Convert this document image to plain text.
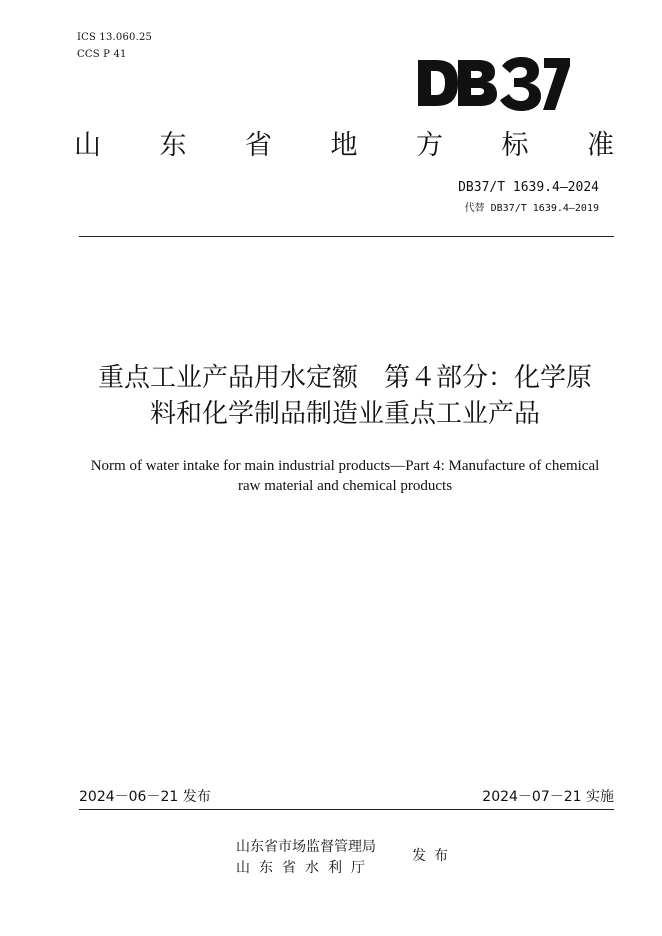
ICS 13.060.25
CCS P 41
山 东 省 地 方 标 准
DB37/T 1639.4—2024
代替 DB37/T 1639.4—2019
重点工业产品用水定额　第４部分：化学原
料和化学制品制造业重点工业产品
Norm of water intake for main industrial products—Part 4: Manufacture of chemical
raw material and chemical products
2024－06－21 发布	2024－07－21 实施
山东省市场监督管理局
山东省水利厅
发布
